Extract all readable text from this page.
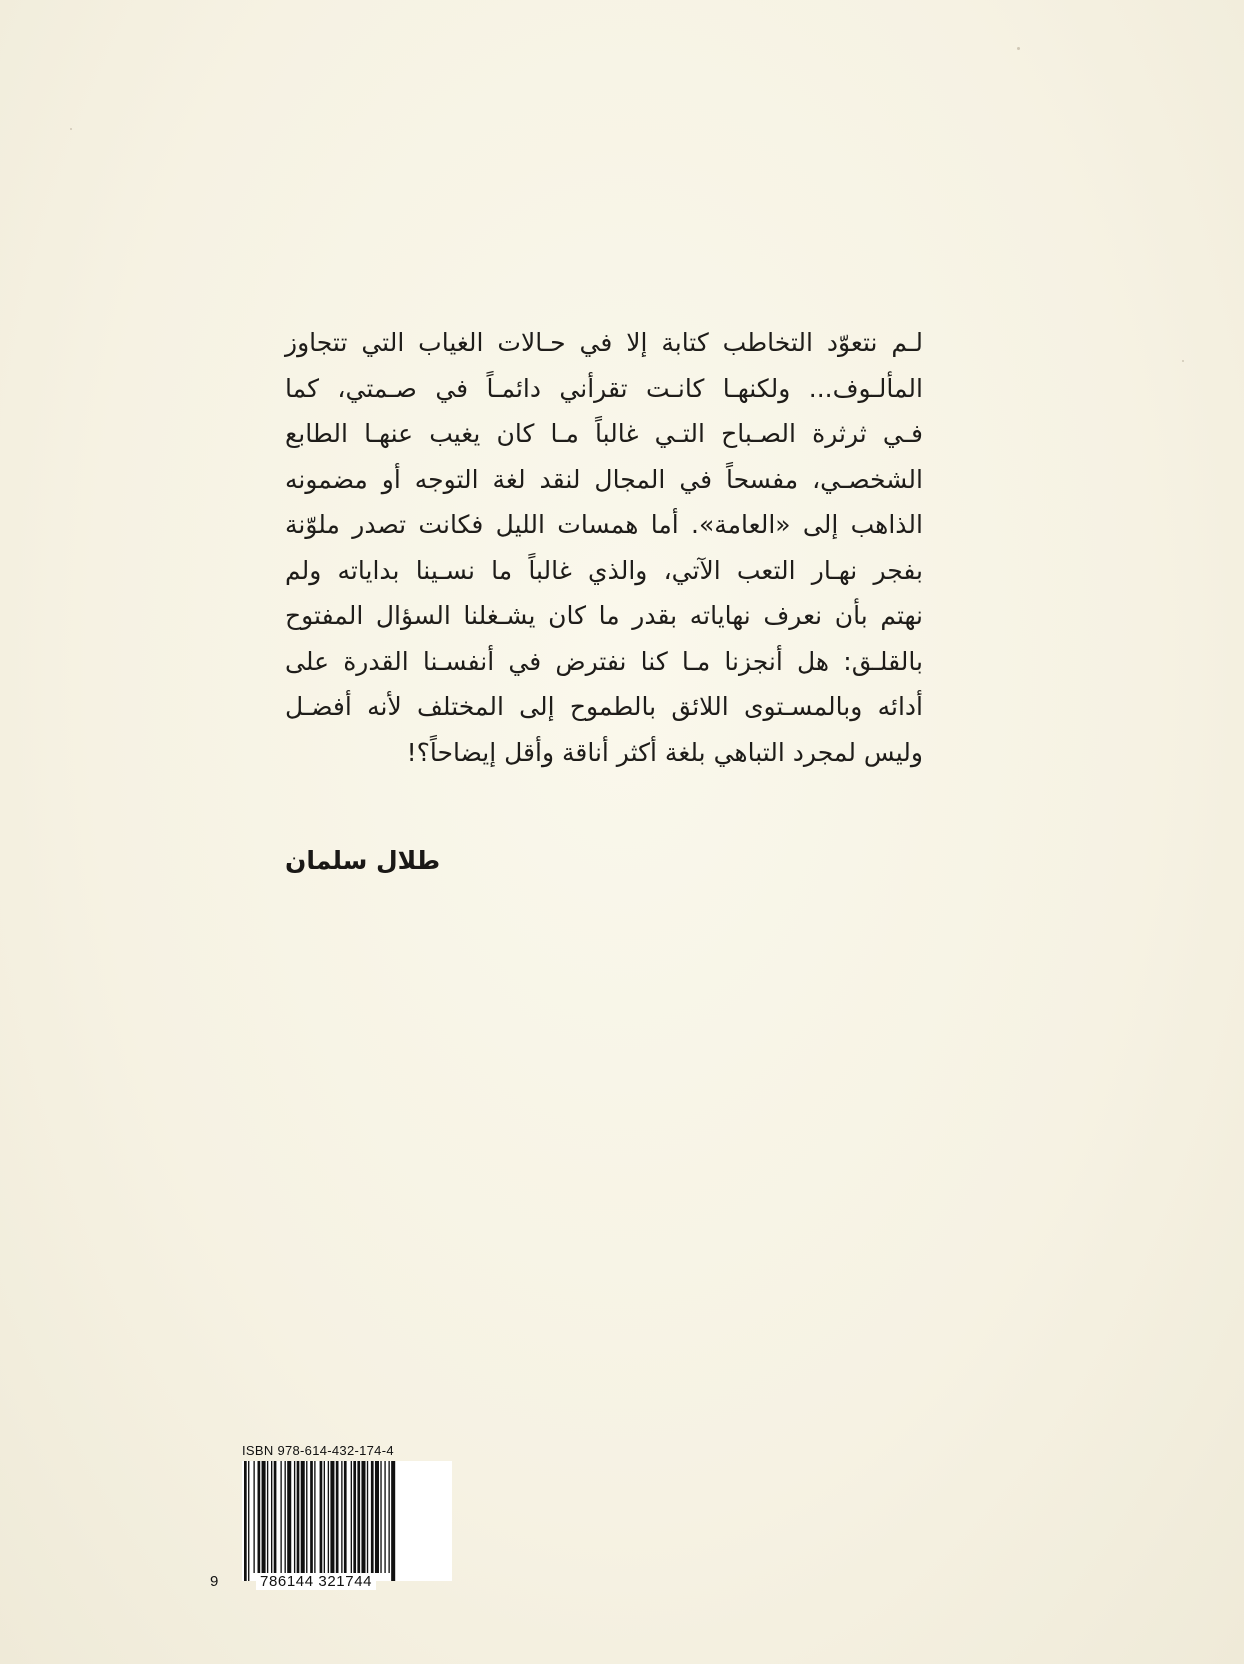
لـم نتعوّد التخاطب كتابة إلا في حـالات الغياب التي تتجاوز
المألـوف... ولكنهـا كانـت تقرأني دائمـاً في صـمتي، كما
فـي ثرثرة الصـباح التـي غالباً مـا كان يغيب عنهـا الطابع
الشخصـي، مفسحاً في المجال لنقد لغة التوجه أو مضمونه
الذاهب إلى «العامة». أما همسات الليل فكانت تصدر ملوّنة
بفجر نهـار التعب الآتي، والذي غالباً ما نسـينا بداياته ولم
نهتم بأن نعرف نهاياته بقدر ما كان يشـغلنا السؤال المفتوح
بالقلـق: هل أنجزنا مـا كنا نفترض في أنفسـنا القدرة على
أدائه وبالمسـتوى اللائق بالطموح إلى المختلف لأنه أفضـل
وليس لمجرد التباهي بلغة أكثر أناقة وأقل إيضاحاً؟!
طلال سلمان
ISBN 978-614-432-174-4
9	786144 321744
